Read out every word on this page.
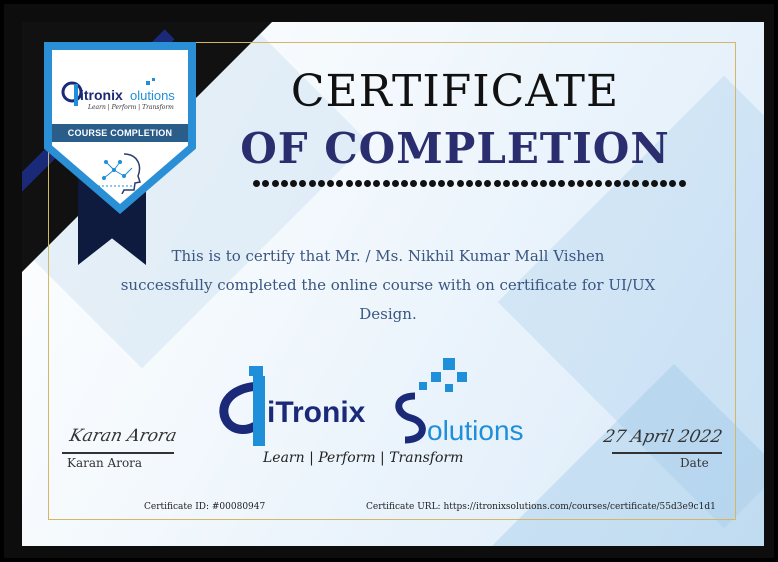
itronix olutions
Learn | Perform | Transform
COURSE COMPLETION
CERTIFICATE
OF COMPLETION
This is to certify that Mr. / Ms. Nikhil Kumar Mall Vishen
successfully completed the online course with on certificate for UI/UX
Design.
iTronix
olutions
Learn | Perform | Transform
Karan Arora
Karan Arora
27 April 2022
Date
Certificate ID: #00080947	Certificate URL: https://itronixsolutions.com/courses/certificate/55d3e9c1d1
